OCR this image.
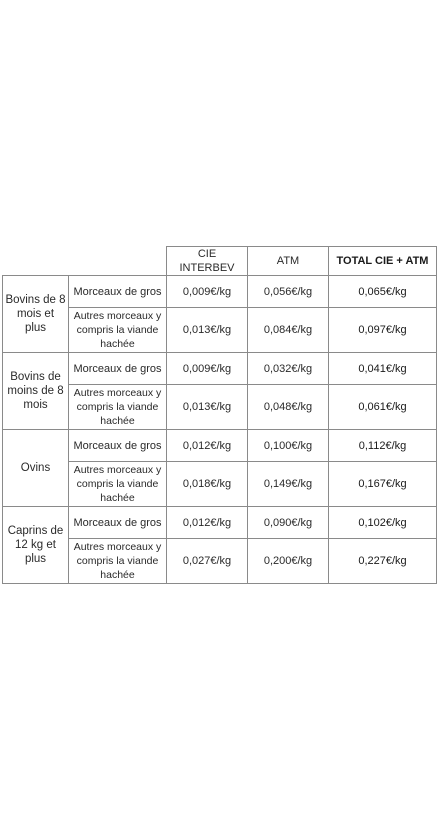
		CIE INTERBEV	ATM	TOTAL CIE + ATM
Bovins de 8 mois et plus	Morceaux de gros	0,009€/kg	0,056€/kg	0,065€/kg
	Autres morceaux y compris la viande hachée	0,013€/kg	0,084€/kg	0,097€/kg
Bovins de moins de 8 mois	Morceaux de gros	0,009€/kg	0,032€/kg	0,041€/kg
	Autres morceaux y compris la viande hachée	0,013€/kg	0,048€/kg	0,061€/kg
Ovins	Morceaux de gros	0,012€/kg	0,100€/kg	0,112€/kg
	Autres morceaux y compris la viande hachée	0,018€/kg	0,149€/kg	0,167€/kg
Caprins de 12 kg et plus	Morceaux de gros	0,012€/kg	0,090€/kg	0,102€/kg
	Autres morceaux y compris la viande hachée	0,027€/kg	0,200€/kg	0,227€/kg
